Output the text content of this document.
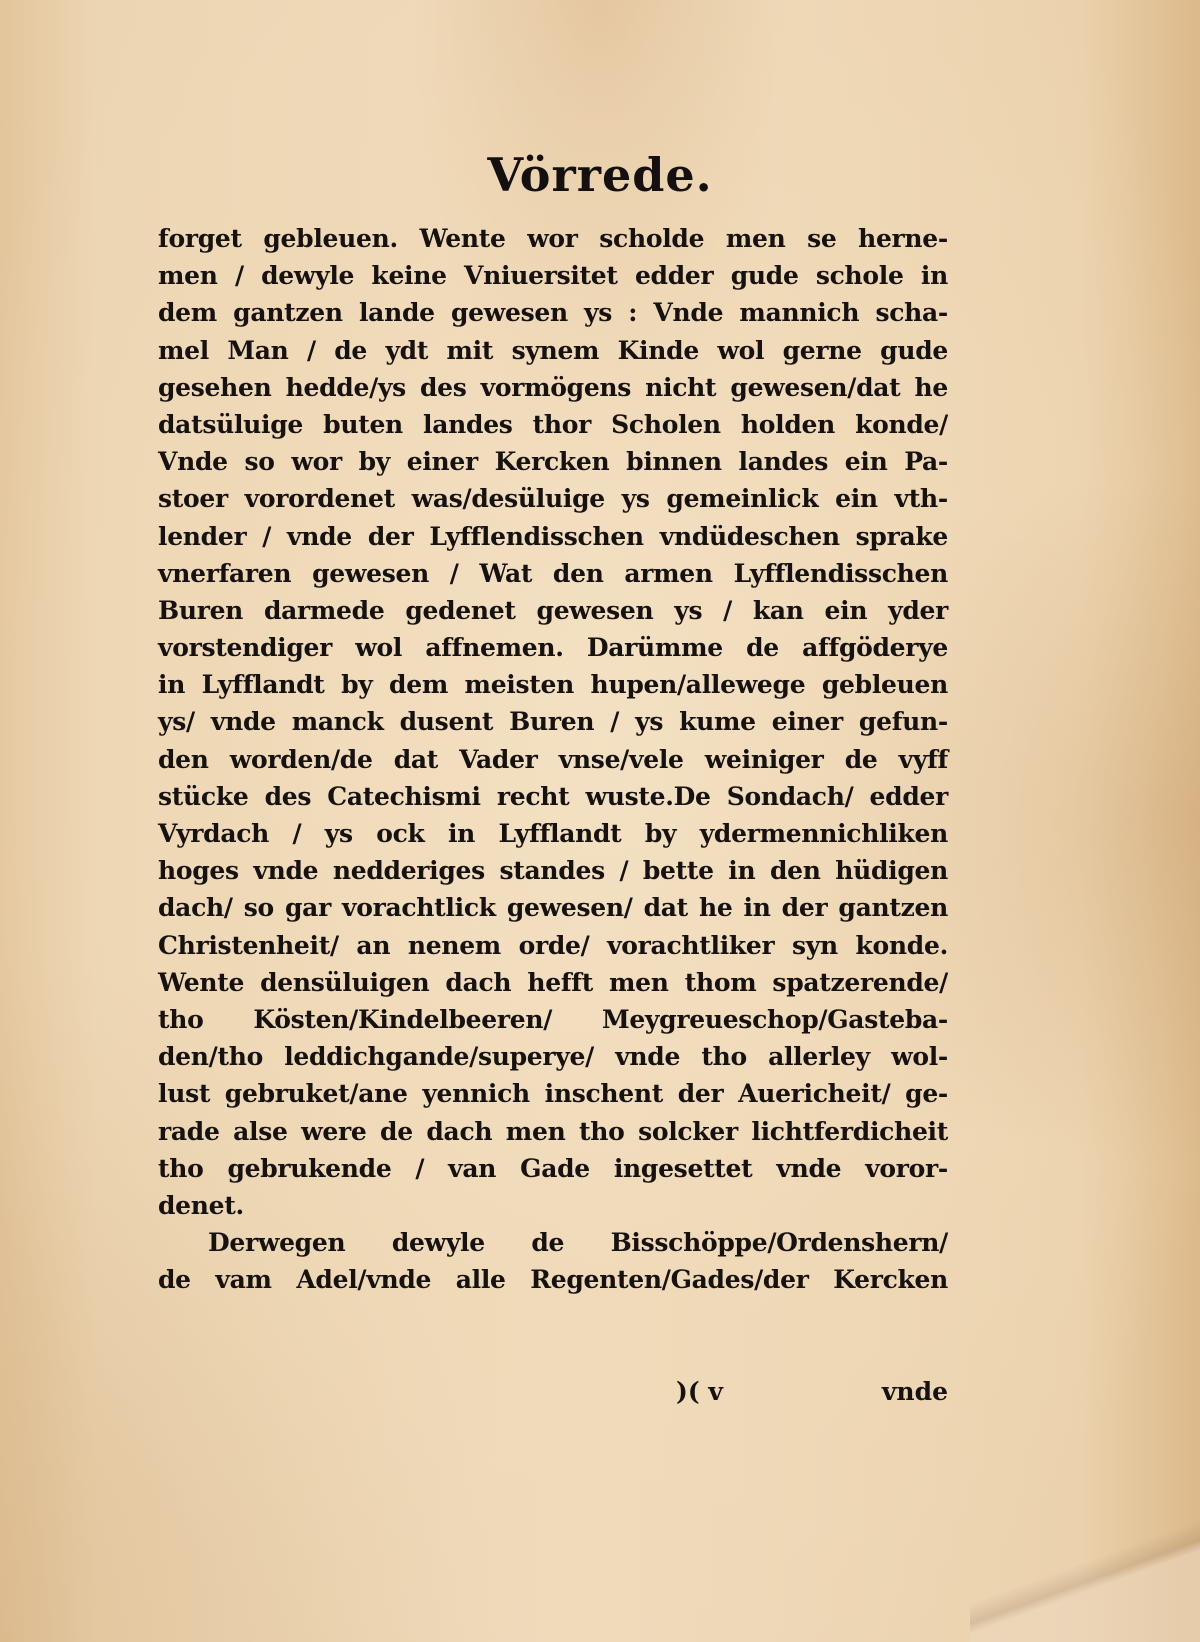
Vörrede.
forget gebleuen. Wente wor scholde men se herne-
men / dewyle keine Vniuersitet edder gude schole in
dem gantzen lande gewesen ys : Vnde mannich scha-
mel Man / de ydt mit synem Kinde wol gerne gude
gesehen hedde/ys des vormögens nicht gewesen/dat he
datsüluige buten landes thor Scholen holden konde/
Vnde so wor by einer Kercken binnen landes ein Pa-
stoer vorordenet was/desüluige ys gemeinlick ein vth-
lender / vnde der Lyfflendisschen vndüdeschen sprake
vnerfaren gewesen / Wat den armen Lyfflendisschen
Buren darmede gedenet gewesen ys / kan ein yder
vorstendiger wol affnemen. Darümme de affgöderye
in Lyfflandt by dem meisten hupen/allewege gebleuen
ys/ vnde manck dusent Buren / ys kume einer gefun-
den worden/de dat Vader vnse/vele weiniger de vyff
stücke des Catechismi recht wuste.De Sondach/ edder
Vyrdach / ys ock in Lyfflandt by ydermennichliken
hoges vnde nedderiges standes / bette in den hüdigen
dach/ so gar vorachtlick gewesen/ dat he in der gantzen
Christenheit/ an nenem orde/ vorachtliker syn konde.
Wente densüluigen dach hefft men thom spatzerende/
tho Kösten/Kindelbeeren/ Meygreueschop/Gasteba-
den/tho leddichgande/superye/ vnde tho allerley wol-
lust gebruket/ane yennich inschent der Auericheit/ ge-
rade alse were de dach men tho solcker lichtferdicheit
tho gebrukende / van Gade ingesettet vnde voror-
denet.
Derwegen dewyle de Bisschöppe/Ordenshern/
de vam Adel/vnde alle Regenten/Gades/der Kercken
)( v	vnde
